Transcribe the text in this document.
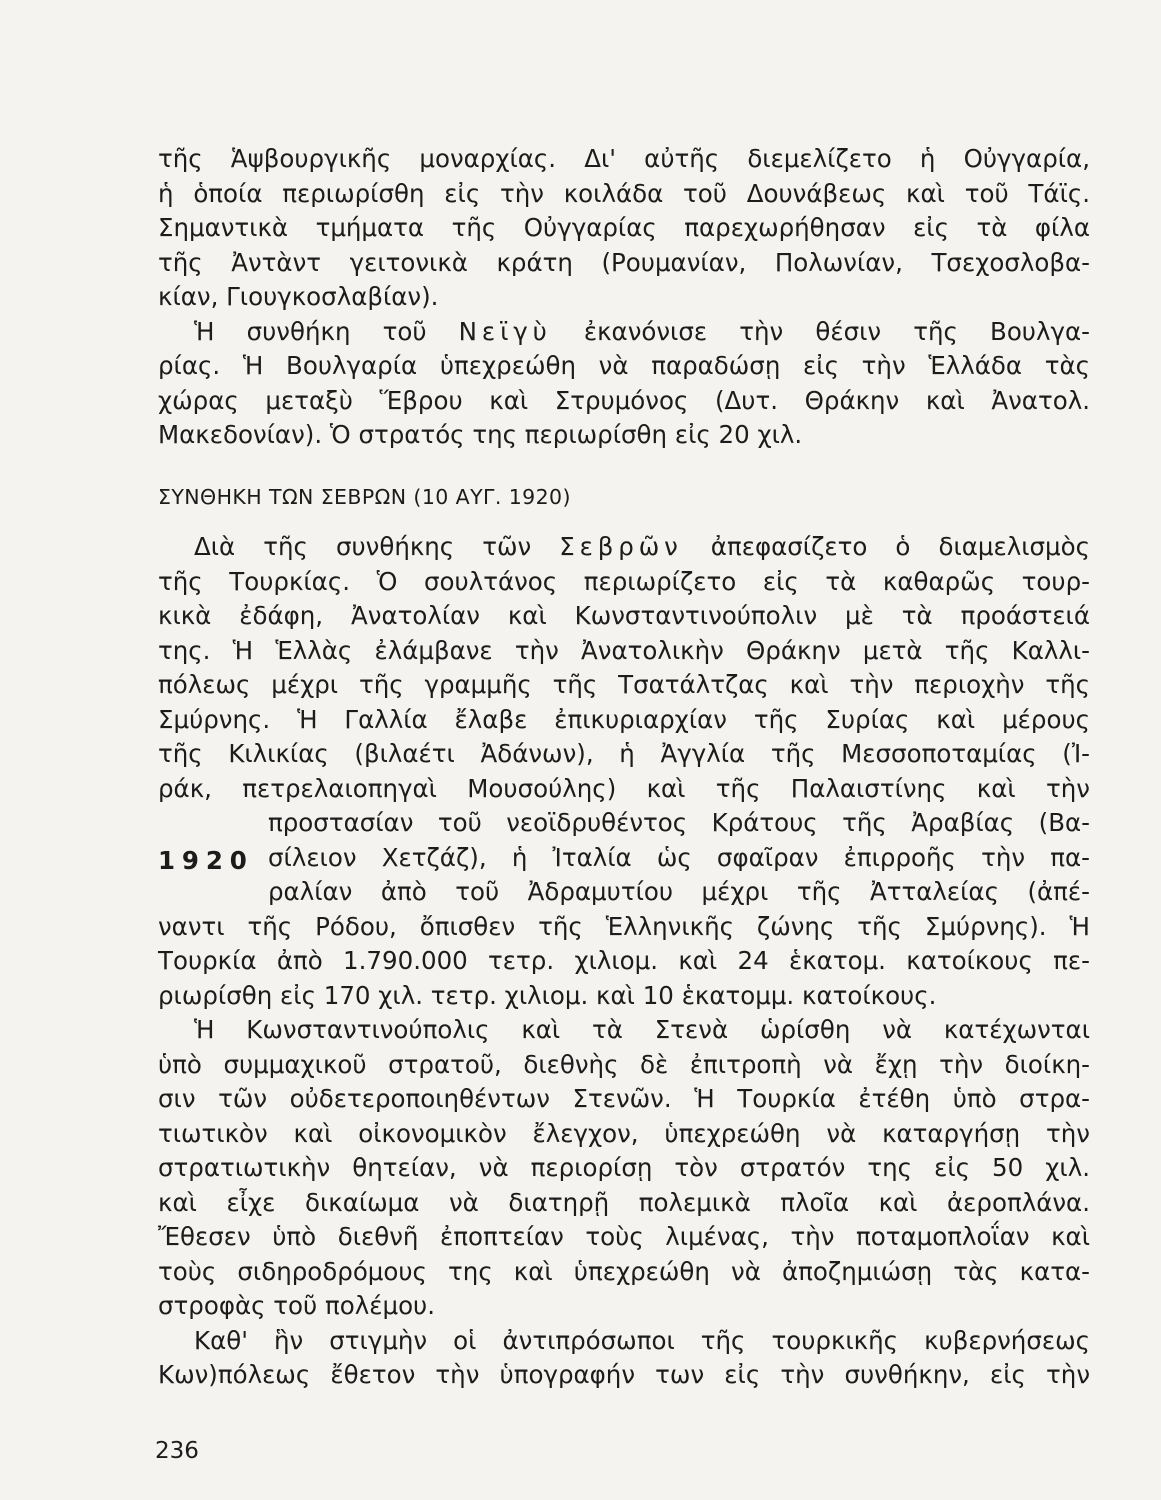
τῆς Ἁψβουργικῆς μοναρχίας. Δι' αὐτῆς διεμελίζετο ἡ Οὐγγαρία,
ἡ ὁποία περιωρίσθη εἰς τὴν κοιλάδα τοῦ Δουνάβεως καὶ τοῦ Τάϊς.
Σημαντικὰ τμήματα τῆς Οὐγγαρίας παρεχωρήθησαν εἰς τὰ φίλα
τῆς Ἀντὰντ γειτονικὰ κράτη (Ρουμανίαν, Πολωνίαν, Τσεχοσλοβα-
κίαν, Γιουγκοσλαβίαν).
Ἡ συνθήκη τοῦ Νεϊγὺ ἐκανόνισε τὴν θέσιν τῆς Βουλγα-
ρίας. Ἡ Βουλγαρία ὑπεχρεώθη νὰ παραδώσῃ εἰς τὴν Ἑλλάδα τὰς
χώρας μεταξὺ Ἕβρου καὶ Στρυμόνος (Δυτ. Θράκην καὶ Ἀνατολ.
Μακεδονίαν). Ὁ στρατός της περιωρίσθη εἰς 20 χιλ.
ΣΥΝΘΗΚΗ ΤΩΝ ΣΕΒΡΩΝ (10 ΑΥΓ. 1920)
Διὰ τῆς συνθήκης τῶν Σεβρῶν ἀπεφασίζετο ὁ διαμελισμὸς
τῆς Τουρκίας. Ὁ σουλτάνος περιωρίζετο εἰς τὰ καθαρῶς τουρ-
κικὰ ἐδάφη, Ἀνατολίαν καὶ Κωνσταντινούπολιν μὲ τὰ προάστειά
της. Ἡ Ἑλλὰς ἐλάμβανε τὴν Ἀνατολικὴν Θράκην μετὰ τῆς Καλλι-
πόλεως μέχρι τῆς γραμμῆς τῆς Τσατάλτζας καὶ τὴν περιοχὴν τῆς
Σμύρνης. Ἡ Γαλλία ἔλαβε ἐπικυριαρχίαν τῆς Συρίας καὶ μέρους
τῆς Κιλικίας (βιλαέτι Ἀδάνων), ἡ Ἀγγλία τῆς Μεσσοποταμίας (Ἰ-
ράκ, πετρελαιοπηγαὶ Μουσούλης) καὶ τῆς Παλαιστίνης καὶ τὴν
προστασίαν τοῦ νεοϊδρυθέντος Κράτους τῆς Ἀραβίας (Βα-
σίλειον Χετζάζ), ἡ Ἰταλία ὡς σφαῖραν ἐπιρροῆς τὴν πα-
ραλίαν ἀπὸ τοῦ Ἀδραμυτίου μέχρι τῆς Ἀτταλείας (ἀπέ-
ναντι τῆς Ρόδου, ὄπισθεν τῆς Ἑλληνικῆς ζώνης τῆς Σμύρνης). Ἡ
Τουρκία ἀπὸ 1.790.000 τετρ. χιλιομ. καὶ 24 ἑκατομ. κατοίκους πε-
ριωρίσθη εἰς 170 χιλ. τετρ. χιλιομ. καὶ 10 ἑκατομμ. κατοίκους.
Ἡ Κωνσταντινούπολις καὶ τὰ Στενὰ ὡρίσθη νὰ κατέχωνται
ὑπὸ συμμαχικοῦ στρατοῦ, διεθνὴς δὲ ἐπιτροπὴ νὰ ἔχῃ τὴν διοίκη-
σιν τῶν οὐδετεροποιηθέντων Στενῶν. Ἡ Τουρκία ἐτέθη ὑπὸ στρα-
τιωτικὸν καὶ οἰκονομικὸν ἔλεγχον, ὑπεχρεώθη νὰ καταργήσῃ τὴν
στρατιωτικὴν θητείαν, νὰ περιορίσῃ τὸν στρατόν της εἰς 50 χιλ.
καὶ εἶχε δικαίωμα νὰ διατηρῇ πολεμικὰ πλοῖα καὶ ἀεροπλάνα.
Ἔθεσεν ὑπὸ διεθνῆ ἐποπτείαν τοὺς λιμένας, τὴν ποταμοπλοΐαν καὶ
τοὺς σιδηροδρόμους της καὶ ὑπεχρεώθη νὰ ἀποζημιώσῃ τὰς κατα-
στροφὰς τοῦ πολέμου.
Καθ' ἣν στιγμὴν οἱ ἀντιπρόσωποι τῆς τουρκικῆς κυβερνήσεως
Κων)πόλεως ἔθετον τὴν ὑπογραφήν των εἰς τὴν συνθήκην, εἰς τὴν
1920
236
